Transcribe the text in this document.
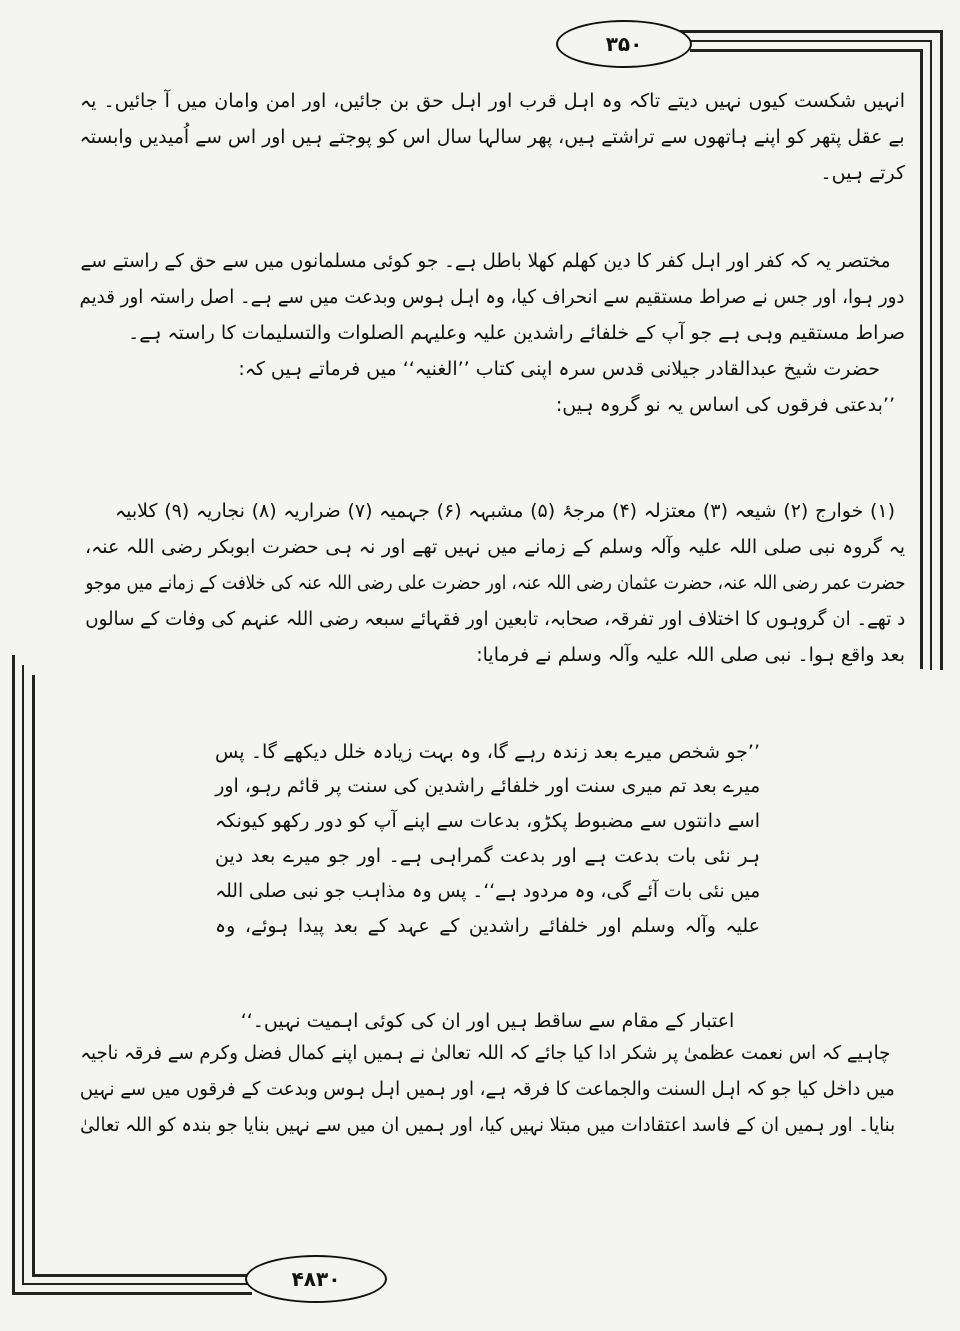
۳۵۰
۴۸۳۰
انہیں شکست کیوں نہیں دیتے تاکہ وہ اہل قرب اور اہل حق بن جائیں، اور امن وامان میں آ جائیں۔ یہ
بے عقل پتھر کو اپنے ہاتھوں سے تراشتے ہیں، پھر سالہا سال اس کو پوجتے ہیں اور اس سے اُمیدیں وابستہ
کرتے ہیں۔
مختصر یہ کہ کفر اور اہل کفر کا دین کھلم کھلا باطل ہے۔ جو کوئی مسلمانوں میں سے حق کے راستے سے
دور ہوا، اور جس نے صراط مستقیم سے انحراف کیا، وہ اہل ہوس وبدعت میں سے ہے۔ اصل راستہ اور قدیم
صراط مستقیم وہی ہے جو آپ کے خلفائے راشدین علیہ وعلیہم الصلوات والتسلیمات کا راستہ ہے۔
حضرت شیخ عبدالقادر جیلانی قدس سرہ اپنی کتاب ’’الغنیہ‘‘ میں فرماتے ہیں کہ:
’’بدعتی فرقوں کی اساس یہ نو گروہ ہیں:
(۱) خوارج (۲) شیعہ (۳) معتزلہ (۴) مرجۂ (۵) مشبہہ (۶) جہمیہ (۷) ضراریہ (۸) نجاریہ (۹) کلابیہ
یہ گروہ نبی صلی اللہ علیہ وآلہ وسلم کے زمانے میں نہیں تھے اور نہ ہی حضرت ابوبکر رضی اللہ عنہ،
حضرت عمر رضی اللہ عنہ، حضرت عثمان رضی اللہ عنہ، اور حضرت علی رضی اللہ عنہ کی خلافت کے زمانے میں موجو
د تھے۔ ان گروہوں کا اختلاف اور تفرقہ، صحابہ، تابعین اور فقہائے سبعہ رضی اللہ عنہم کی وفات کے سالوں
بعد واقع ہوا۔ نبی صلی اللہ علیہ وآلہ وسلم نے فرمایا:
’’جو شخص میرے بعد زندہ رہے گا، وہ بہت زیادہ خلل دیکھے گا۔ پس
میرے بعد تم میری سنت اور خلفائے راشدین کی سنت پر قائم رہو، اور
اسے دانتوں سے مضبوط پکڑو، بدعات سے اپنے آپ کو دور رکھو کیونکہ
ہر نئی بات بدعت ہے اور بدعت گمراہی ہے۔ اور جو میرے بعد دین
میں نئی بات آئے گی، وہ مردود ہے‘‘۔ پس وہ مذاہب جو نبی صلی اللہ
علیہ وآلہ وسلم اور خلفائے راشدین کے عہد کے بعد پیدا ہوئے، وہ
اعتبار کے مقام سے ساقط ہیں اور ان کی کوئی اہمیت نہیں۔‘‘
چاہیے کہ اس نعمت عظمیٰ پر شکر ادا کیا جائے کہ اللہ تعالیٰ نے ہمیں اپنے کمال فضل وکرم سے فرقہ ناجیہ
میں داخل کیا جو کہ اہل السنت والجماعت کا فرقہ ہے، اور ہمیں اہل ہوس وبدعت کے فرقوں میں سے نہیں
بنایا۔ اور ہمیں ان کے فاسد اعتقادات میں مبتلا نہیں کیا، اور ہمیں ان میں سے نہیں بنایا جو بندہ کو اللہ تعالیٰ
